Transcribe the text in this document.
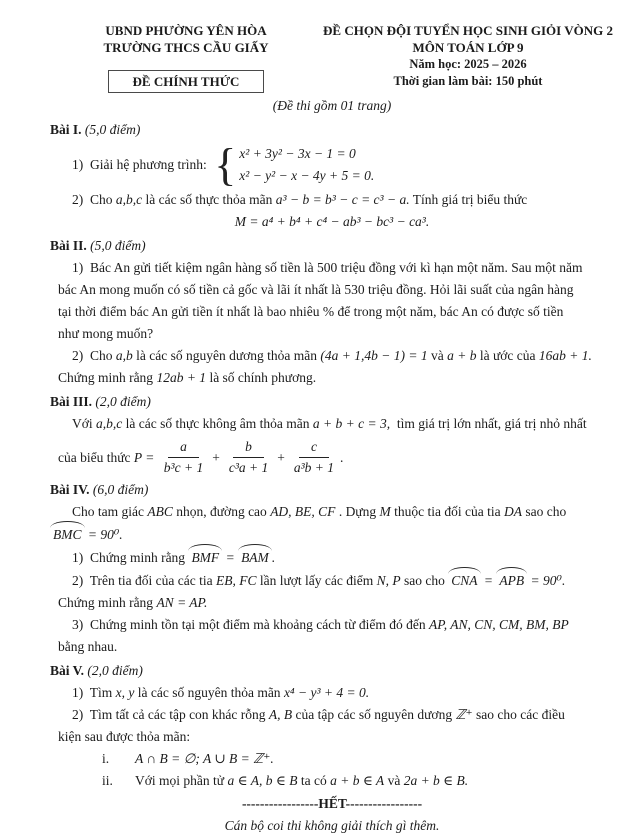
UBND PHƯỜNG YÊN HÒA
TRƯỜNG THCS CẦU GIẤY
ĐỀ CHÍNH THỨC
ĐỀ CHỌN ĐỘI TUYỂN HỌC SINH GIỎI VÒNG 2
MÔN TOÁN LỚP 9
Năm học: 2025 – 2026
Thời gian làm bài: 150 phút
(Đề thi gồm 01 trang)
Bài I. (5,0 điểm)
1)  Giải hệ phương trình: { x² + 3y² − 3x − 1 = 0
x² − y² − x − 4y + 5 = 0.
2)  Cho a,b,c là các số thực thỏa mãn a³ − b = b³ − c = c³ − a. Tính giá trị biểu thức
M = a⁴ + b⁴ + c⁴ − ab³ − bc³ − ca³.
Bài II. (5,0 điểm)
1)  Bác An gửi tiết kiệm ngân hàng số tiền là 500 triệu đồng với kì hạn một năm. Sau một năm
bác An mong muốn có số tiền cả gốc và lãi ít nhất là 530 triệu đồng. Hỏi lãi suất của ngân hàng
tại thời điểm bác An gửi tiền ít nhất là bao nhiêu % để trong một năm, bác An có được số tiền
như mong muốn?
2)  Cho a,b là các số nguyên dương thỏa mãn (4a + 1,4b − 1) = 1 và a + b là ước của 16ab + 1.
Chứng minh rằng 12ab + 1 là số chính phương.
Bài III. (2,0 điểm)
Với a,b,c là các số thực không âm thỏa mãn a + b + c = 3,  tìm giá trị lớn nhất, giá trị nhỏ nhất
của biểu thức $P = \frac{a}{\text{b³c + 1}} + \frac{b}{\text{c³a + 1}} + \frac{c}{\text{a³b + 1}}$ .
Bài IV. (6,0 điểm)
Cho tam giác ABC nhọn, đường cao AD, BE, CF . Dựng M thuộc tia đối của tia DA sao cho
BMC = 90⁰.
1)  Chứng minh rằng BMF = BAM .
2)  Trên tia đối của các tia EB, FC lần lượt lấy các điểm N, P sao cho CNA = APB = 90⁰.
Chứng minh rằng AN = AP.
3)  Chứng minh tồn tại một điểm mà khoảng cách từ điểm đó đến AP, AN, CN, CM, BM, BP
bằng nhau.
Bài V. (2,0 điểm)
1)  Tìm x, y là các số nguyên thỏa mãn x⁴ − y³ + 4 = 0.
2)  Tìm tất cả các tập con khác rỗng A, B của tập các số nguyên dương ℤ⁺ sao cho các điều
kiện sau được thỏa mãn:
i.	A ∩ B = ∅; A ∪ B = ℤ⁺.
ii.	Với mọi phần tử a ∈ A, b ∈ B ta có a + b ∈ A và 2a + b ∈ B.
-----------------HẾT-----------------
Cán bộ coi thi không giải thích gì thêm.
